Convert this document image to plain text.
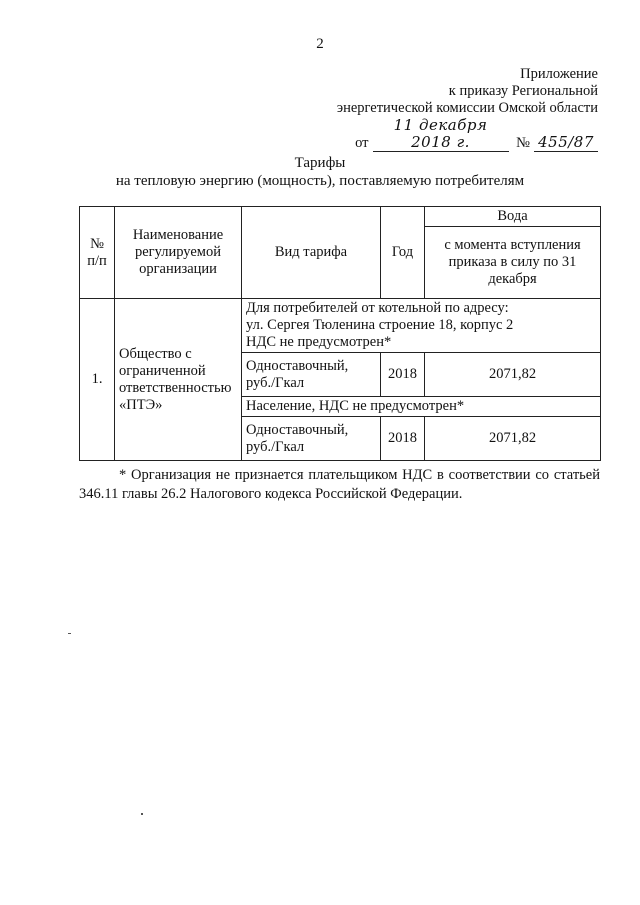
2
Приложение
к приказу Региональной
энергетической комиссии Омской области
от11 декабря 2018 г.	№ 455/87
Тарифы
на тепловую энергию (мощность), поставляемую потребителям
№ п/п	Наименование регулируемой организации	Вид тарифа	Год	Вода
				с момента вступления приказа в силу по 31 декабря
1.	Общество с ограниченной ответственностью «ПТЭ»	Для потребителей от котельной по адресу:
ул. Сергея Тюленина строение 18, корпус 2
НДС не предусмотрен*		

		Одноставочный, руб./Гкал	2018	2071,82
		Население, НДС не предусмотрен*		
		Одноставочный, руб./Гкал	2018	2071,82
* Организация не признается плательщиком НДС в соответствии со статьей 346.11 главы 26.2 Налогового кодекса Российской Федерации.
